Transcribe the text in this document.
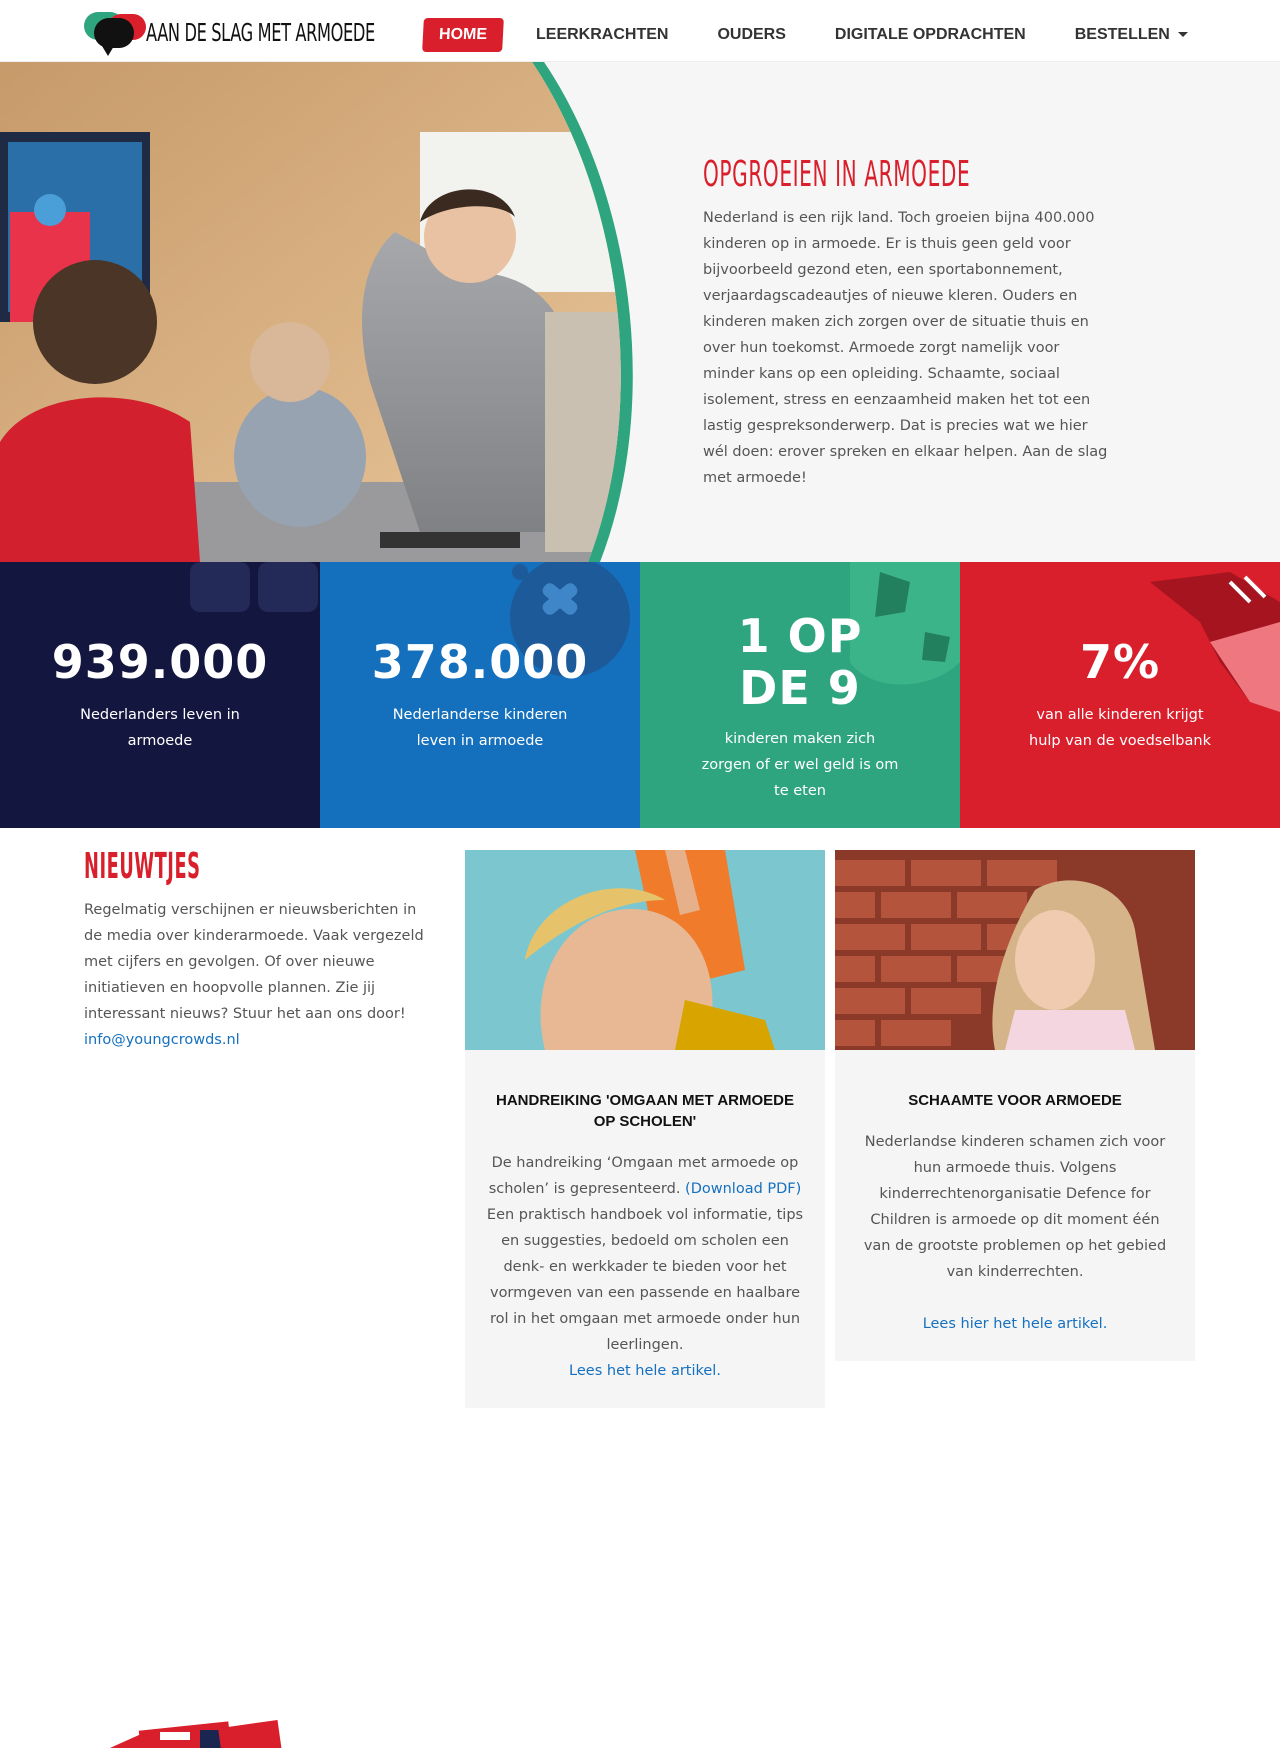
AAN DE SLAG MET ARMOEDE	HOME	LEERKRACHTEN	OUDERS	DIGITALE OPDRACHTEN	BESTELLEN
OPGROEIEN IN ARMOEDE

Nederland is een rijk land. Toch groeien bijna 400.000 kinderen op in armoede. Er is thuis geen geld voor bijvoorbeeld gezond eten, een sportabonnement, verjaardagscadeautjes of nieuwe kleren. Ouders en kinderen maken zich zorgen over de situatie thuis en over hun toekomst. Armoede zorgt namelijk voor minder kans op een opleiding. Schaamte, sociaal isolement, stress en eenzaamheid maken het tot een lastig gespreksonderwerp. Dat is precies wat we hier wél doen: erover spreken en elkaar helpen. Aan de slag met armoede!

939.000
Nederlanders leven in armoede
378.000
Nederlanderse kinderen leven in armoede
1 OP DE 9
kinderen maken zich zorgen of er wel geld is om te eten
7%
van alle kinderen krijgt hulp van de voedselbank
NIEUWTJES

Regelmatig verschijnen er nieuwsberichten in de media over kinderarmoede. Vaak vergezeld met cijfers en gevolgen. Of over nieuwe initiatieven en hoopvolle plannen. Zie jij interessant nieuws? Stuur het aan ons door! info@youngcrowds.nl

HANDREIKING 'OMGAAN MET ARMOEDE OP SCHOLEN'

De handreiking ‘Omgaan met armoede op scholen’ is gepresenteerd. (Download PDF) Een praktisch handboek vol informatie, tips en suggesties, bedoeld om scholen een denk- en werkkader te bieden voor het vormgeven van een passende en haalbare rol in het omgaan met armoede onder hun leerlingen.

Lees het hele artikel.
SCHAAMTE VOOR ARMOEDE

Nederlandse kinderen schamen zich voor hun armoede thuis. Volgens kinderrechtenorganisatie Defence for Children is armoede op dit moment één van de grootste problemen op het gebied van kinderrechten.

Lees hier het hele artikel.
